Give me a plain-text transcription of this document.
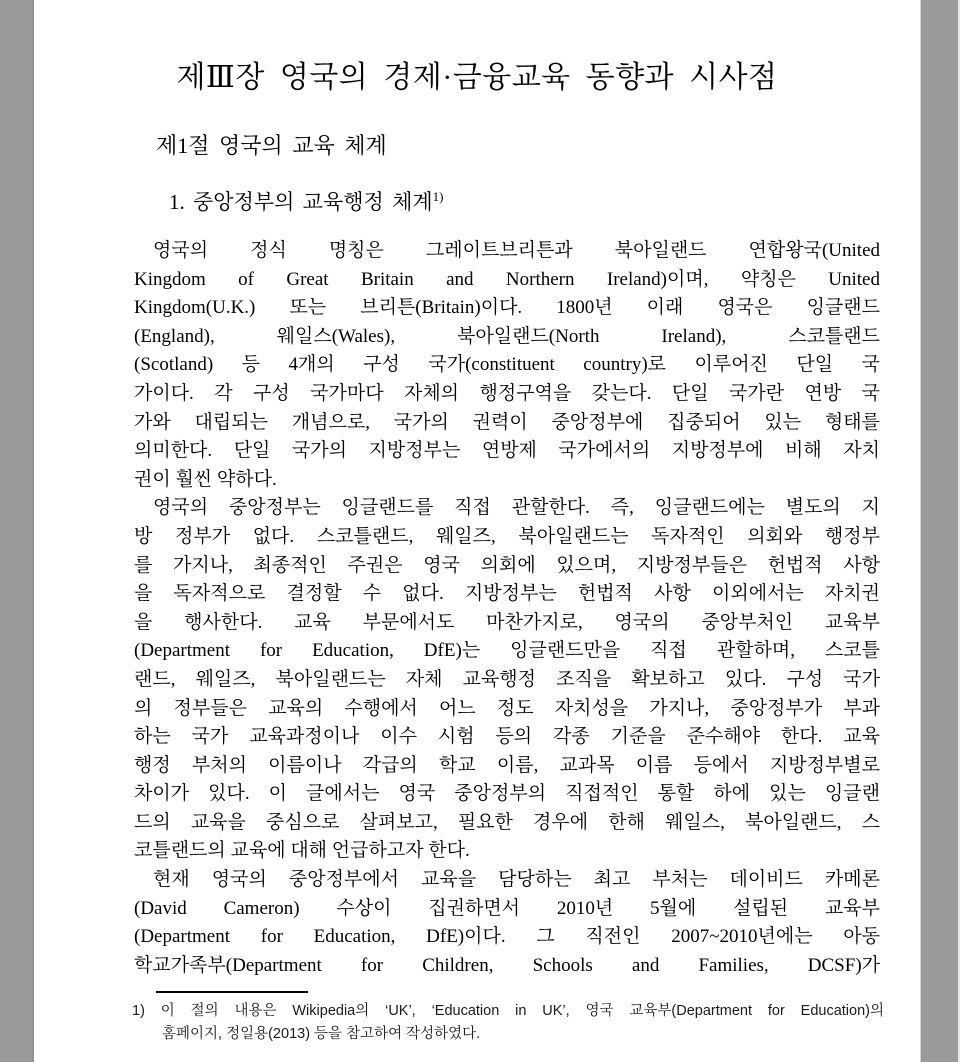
제Ⅲ장 영국의 경제·금융교육 동향과 시사점
제1절 영국의 교육 체계
1. 중앙정부의 교육행정 체계$^{1)}$
영국의 정식 명칭은 그레이트브리튼과 북아일랜드 연합왕국(United
Kingdom of Great Britain and Northern Ireland)이며, 약칭은 United
Kingdom(U.K.) 또는 브리튼(Britain)이다. 1800년 이래 영국은 잉글랜드
(England), 웨일스(Wales), 북아일랜드(North Ireland), 스코틀랜드
(Scotland) 등 4개의 구성 국가(constituent country)로 이루어진 단일 국
가이다. 각 구성 국가마다 자체의 행정구역을 갖는다. 단일 국가란 연방 국
가와 대립되는 개념으로, 국가의 권력이 중앙정부에 집중되어 있는 형태를
의미한다. 단일 국가의 지방정부는 연방제 국가에서의 지방정부에 비해 자치
권이 훨씬 약하다.
영국의 중앙정부는 잉글랜드를 직접 관할한다. 즉, 잉글랜드에는 별도의 지
방 정부가 없다. 스코틀랜드, 웨일즈, 북아일랜드는 독자적인 의회와 행정부
를 가지나, 최종적인 주권은 영국 의회에 있으며, 지방정부들은 헌법적 사항
을 독자적으로 결정할 수 없다. 지방정부는 헌법적 사항 이외에서는 자치권
을 행사한다. 교육 부문에서도 마찬가지로, 영국의 중앙부처인 교육부
(Department for Education, DfE)는 잉글랜드만을 직접 관할하며, 스코틀
랜드, 웨일즈, 북아일랜드는 자체 교육행정 조직을 확보하고 있다. 구성 국가
의 정부들은 교육의 수행에서 어느 정도 자치성을 가지나, 중앙정부가 부과
하는 국가 교육과정이나 이수 시험 등의 각종 기준을 준수해야 한다. 교육
행정 부처의 이름이나 각급의 학교 이름, 교과목 이름 등에서 지방정부별로
차이가 있다. 이 글에서는 영국 중앙정부의 직접적인 통할 하에 있는 잉글랜
드의 교육을 중심으로 살펴보고, 필요한 경우에 한해 웨일스, 북아일랜드, 스
코틀랜드의 교육에 대해 언급하고자 한다.
현재 영국의 중앙정부에서 교육을 담당하는 최고 부처는 데이비드 카메론
(David Cameron) 수상이 집권하면서 2010년 5월에 설립된 교육부
(Department for Education, DfE)이다. 그 직전인 2007~2010년에는 아동
학교가족부(Department for Children, Schools and Families, DCSF)가
1) 이 절의 내용은 Wikipedia의 ‘UK’, ‘Education in UK’, 영국 교육부(Department for Education)의
홈페이지, 정일용(2013) 등을 참고하여 작성하였다.
